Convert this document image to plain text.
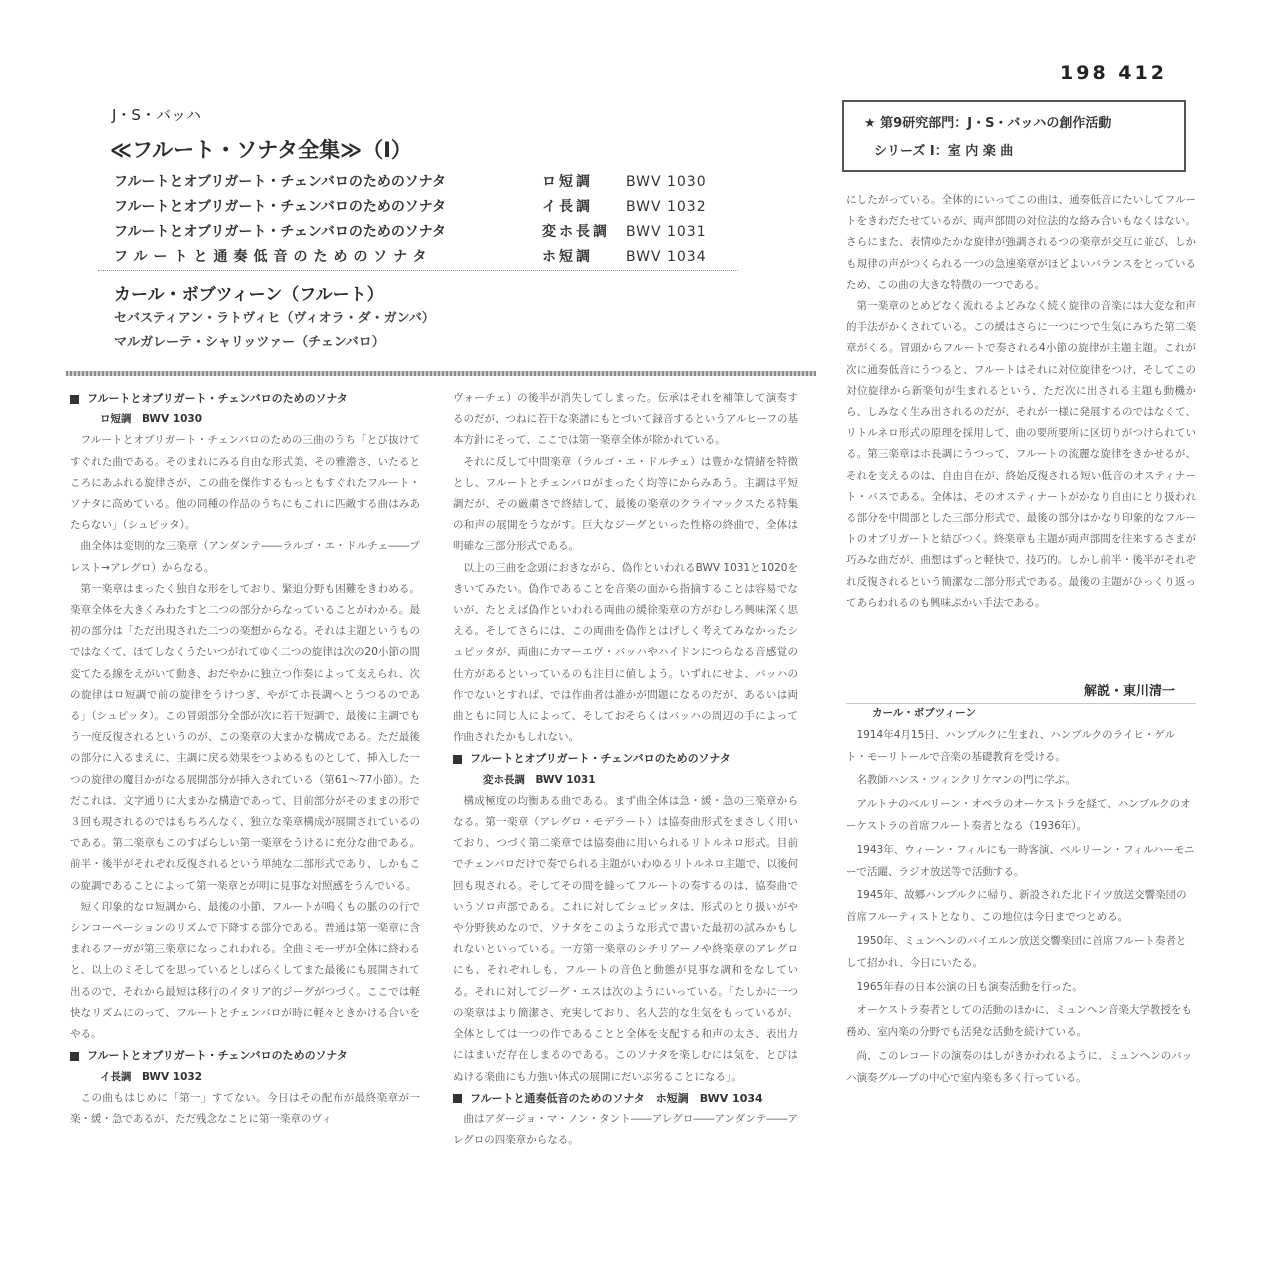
198 412
J・S・バッハ
≪フルート・ソナタ全集≫（Ⅰ）
フルートとオブリガート・チェンバロのためのソナタ	ロ短調	BWV 1030
フルートとオブリガート・チェンバロのためのソナタ	イ長調	BWV 1032
フルートとオブリガート・チェンバロのためのソナタ	変ホ長調	BWV 1031
フルートと通奏低音のためのソナタ	ホ短調	BWV 1034
カール・ボブツィーン（フルート）
セバスティアン・ラトヴィヒ（ヴィオラ・ダ・ガンバ）
マルガレーテ・シャリッツァー（チェンバロ）
★ 第9研究部門：J・S・バッハの創作活動
シリーズ Ⅰ：室 内 楽 曲
フルートとオブリガート・チェンバロのためのソナタ
ロ短調　BWV 1030

フルートとオブリガート・チェンバロのための三曲のうち「とび抜けてすぐれた曲である。そのまれにみる自由な形式美、その雅澹さ、いたるところにあふれる旋律さが、この曲を傑作するもっともすぐれたフルート・ソナタに高めている。他の同種の作品のうちにもこれに匹敵する曲はみあたらない」（シュピッタ）。

曲全体は変則的な三楽章（アンダンテ――ラルゴ・エ・ドルチェ――プレスト→アレグロ）からなる。

第一楽章はまったく独自な形をしており、緊迫分野も困難をきわめる。楽章全体を大きくみわたすと二つの部分からなっていることがわかる。最初の部分は「ただ出現された二つの楽想からなる。それは主題というものではなくて、ほてしなくうたいつがれてゆく二つの旋律は次の20小節の間変てたる線をえがいて動き、おだやかに独立つ作奏によって支えられ、次の旋律はロ短調で前の旋律をうけつぎ、やがてホ長調へとうつるのである」（シュピッタ）。この冒頭部分全部が次に若干短調で、最後に主調でもう一度反復されるというのが、この楽章の大まかな構成である。ただ最後の部分に入るまえに、主調に戻る効果をつよめるものとして、挿入した一つの旋律の魔目かがなる展開部分が挿入されている（第61～77小節）。ただこれは、文字通りに大まかな構造であって、目前部分がそのままの形で３回も現されるのではもちろんなく、独立な楽章構成が展開されているのである。第二楽章もこのすばらしい第一楽章をうけるに充分な曲である。前半・後半がそれぞれ反復されるという単純な二部形式であり、しかもこの旋調であることによって第一楽章とが明に見事な対照感をうんでいる。

短く印象的なロ短調から、最後の小節、フルートが鳴くもの脈のの行でシンコーペーションのリズムで下降する部分である。普通は第一楽章に含まれるフーガが第三楽章になっこれわれる。全曲ミモーザが全体に終わると、以上のミそしてを思っているとしばらくしてまた最後にも展開されて出るので、それから最短は移行のイタリア的ジーグがつづく。ここでは軽快なリズムにのって、フルートとチェンバロが時に軽々ときかける合いをやる。

フルートとオブリガート・チェンバロのためのソナタ
イ長調　BWV 1032

この曲もはじめに「第一」すてない。今日はその配布が最終楽章が一楽・緩・急であるが、ただ残念なことに第一楽章のヴィ

ヴォーチェ）の後半が消失してしまった。伝承はそれを補筆して演奏するのだが、つねに若干な楽譜にもとづいて録音するというアルヒーフの基本方針にそって、ここでは第一楽章全体が除かれている。

それに反して中間楽章（ラルゴ・エ・ドルチェ）は豊かな情緒を特徴とし、フルートとチェンバロがまったく均等にからみあう。主調は平短調だが、その厳粛さで終結して、最後の楽章のクライマックスたる特集の和声の展開をうながす。巨大なジーグといった性格の終曲で、全体は明確な三部分形式である。

以上の三曲を念頭におきながら、偽作といわれるBWV 1031と1020をきいてみたい。偽作であることを音楽の面から指摘することは容易でないが、たとえば偽作といわれる両曲の緩徐楽章の方がむしろ興味深く思える。そしてさらには、この両曲を偽作とはげしく考えてみなかったシュピッタが、両曲にカマーエヴ・バッハやハイドンにつらなる音感覚の仕方があるといっているのも注目に値しよう。いずれにせよ、バッハの作でないとすれば、では作曲者は誰かが問題になるのだが、あるいは両曲ともに同じ人によって、そしておそらくはバッハの周辺の手によって作曲されたかもしれない。

フルートとオブリガート・チェンバロのためのソナタ
変ホ長調　BWV 1031

構成極度の均衡ある曲である。まず曲全体は急・緩・急の三楽章からなる。第一楽章（アレグロ・モデラート）は協奏曲形式をまさしく用いており、つづく第二楽章では協奏曲に用いられるリトルネロ形式。目前でチェンバロだけで奏でられる主題がいわゆるリトルネロ主題で、以後何回も現される。そしてその間を縫ってフルートの奏するのは、協奏曲でいうソロ声部である。これに対してシュピッタは、形式のとり扱いがやや分野狭めなので、ソナタをこのような形式で書いた最初の試みかもしれないといっている。一方第一楽章のシチリアーノや終楽章のアレグロにも、それぞれしも、フルートの音色と動態が見事な調和をなしている。それに対してジーグ・エスは次のようにいっている。「たしかに一つの楽章はより簡潔さ、充実しており、名人芸的な生気をもっているが、全体としては一つの作であることと全体を支配する和声の太さ、表出力にはまいだ存在しまるのである。このソナタを楽しむには気を、とびはぬける楽曲にも力強い体式の展開にだいぶ劣ることになる」。

フルートと通奏低音のためのソナタ　 ホ短調　BWV 1034

曲はアダージョ・マ・ノン・タント――アレグロ――アンダンテ――アレグロの四楽章からなる。

にしたがっている。全体的にいってこの曲は、通奏低音にたいしてフルートをきわだたせているが、両声部間の対位法的な絡み合いもなくはない。さらにまた、表情ゆたかな旋律が強調されるつの楽章が交互に並び、しかも規律の声がつくられる一つの急速楽章がほどよいバランスをとっているため、この曲の大きな特徴の一つである。

第一楽章のとめどなく流れるよどみなく続く旋律の音楽には大変な和声的手法がかくされている。この緩はさらに一つにつで生気にみちた第二楽章がくる。冒頭からフルートで奏される4小節の旋律が主題主題。これが次に通奏低音にうつると、フルートはそれに対位旋律をつけ、そしてこの対位旋律から新楽句が生まれるという、ただ次に出される主題も動機から、しみなく生み出されるのだが、それが一様に発展するのではなくて、リトルネロ形式の原理を採用して、曲の要所要所に区切りがつけられている。第三楽章はホ長調にうつって、フルートの流麗な旋律をきかせるが、それを支えるのは、自由自在が、終始反復される短い低音のオスティナート・バスである。全体は、そのオスティナートがかなり自由にとり扱われる部分を中間部とした三部分形式で、最後の部分はかなり印象的なフルートのオブリガートと結びつく。終楽章も主題が両声部間を往来するさまが巧みな曲だが、曲想はずっと軽快で、技巧的。しかし前半・後半がそれぞれ反復されるという簡潔な二部分形式である。最後の主題がひっくり返ってあらわれるのも興味ぶかい手法である。

解説・東川清一
カール・ボブツィーン

1914年4月15日、ハンブルクに生まれ、ハンブルクのライヒ・ゲルト・モーリトールで音楽の基礎教育を受ける。

名教師ハンス・ツィンクリケマンの門に学ぶ。

アルトナのベルリーン・オペラのオーケストラを経て、ハンブルクのオーケストラの首席フルート奏者となる（1936年）。

1943年、ウィーン・フィルにも一時客演、ベルリーン・フィルハーモニーで活躍、ラジオ放送等で活動する。

1945年、故郷ハンブルクに帰り、新設された北ドイツ放送交響楽団の首席フルーティストとなり、この地位は今日までつとめる。

1950年、ミュンヘンのバイエルン放送交響楽団に首席フルート奏者として招かれ、今日にいたる。

1965年春の日本公演の日も演奏活動を行った。

オーケストラ奏者としての活動のほかに、ミュンヘン音楽大学教授をも務め、室内楽の分野でも活発な活動を続けている。

尚、このレコードの演奏のはしがきかわれるように、ミュンヘンのバッハ演奏グループの中心で室内楽も多く行っている。
